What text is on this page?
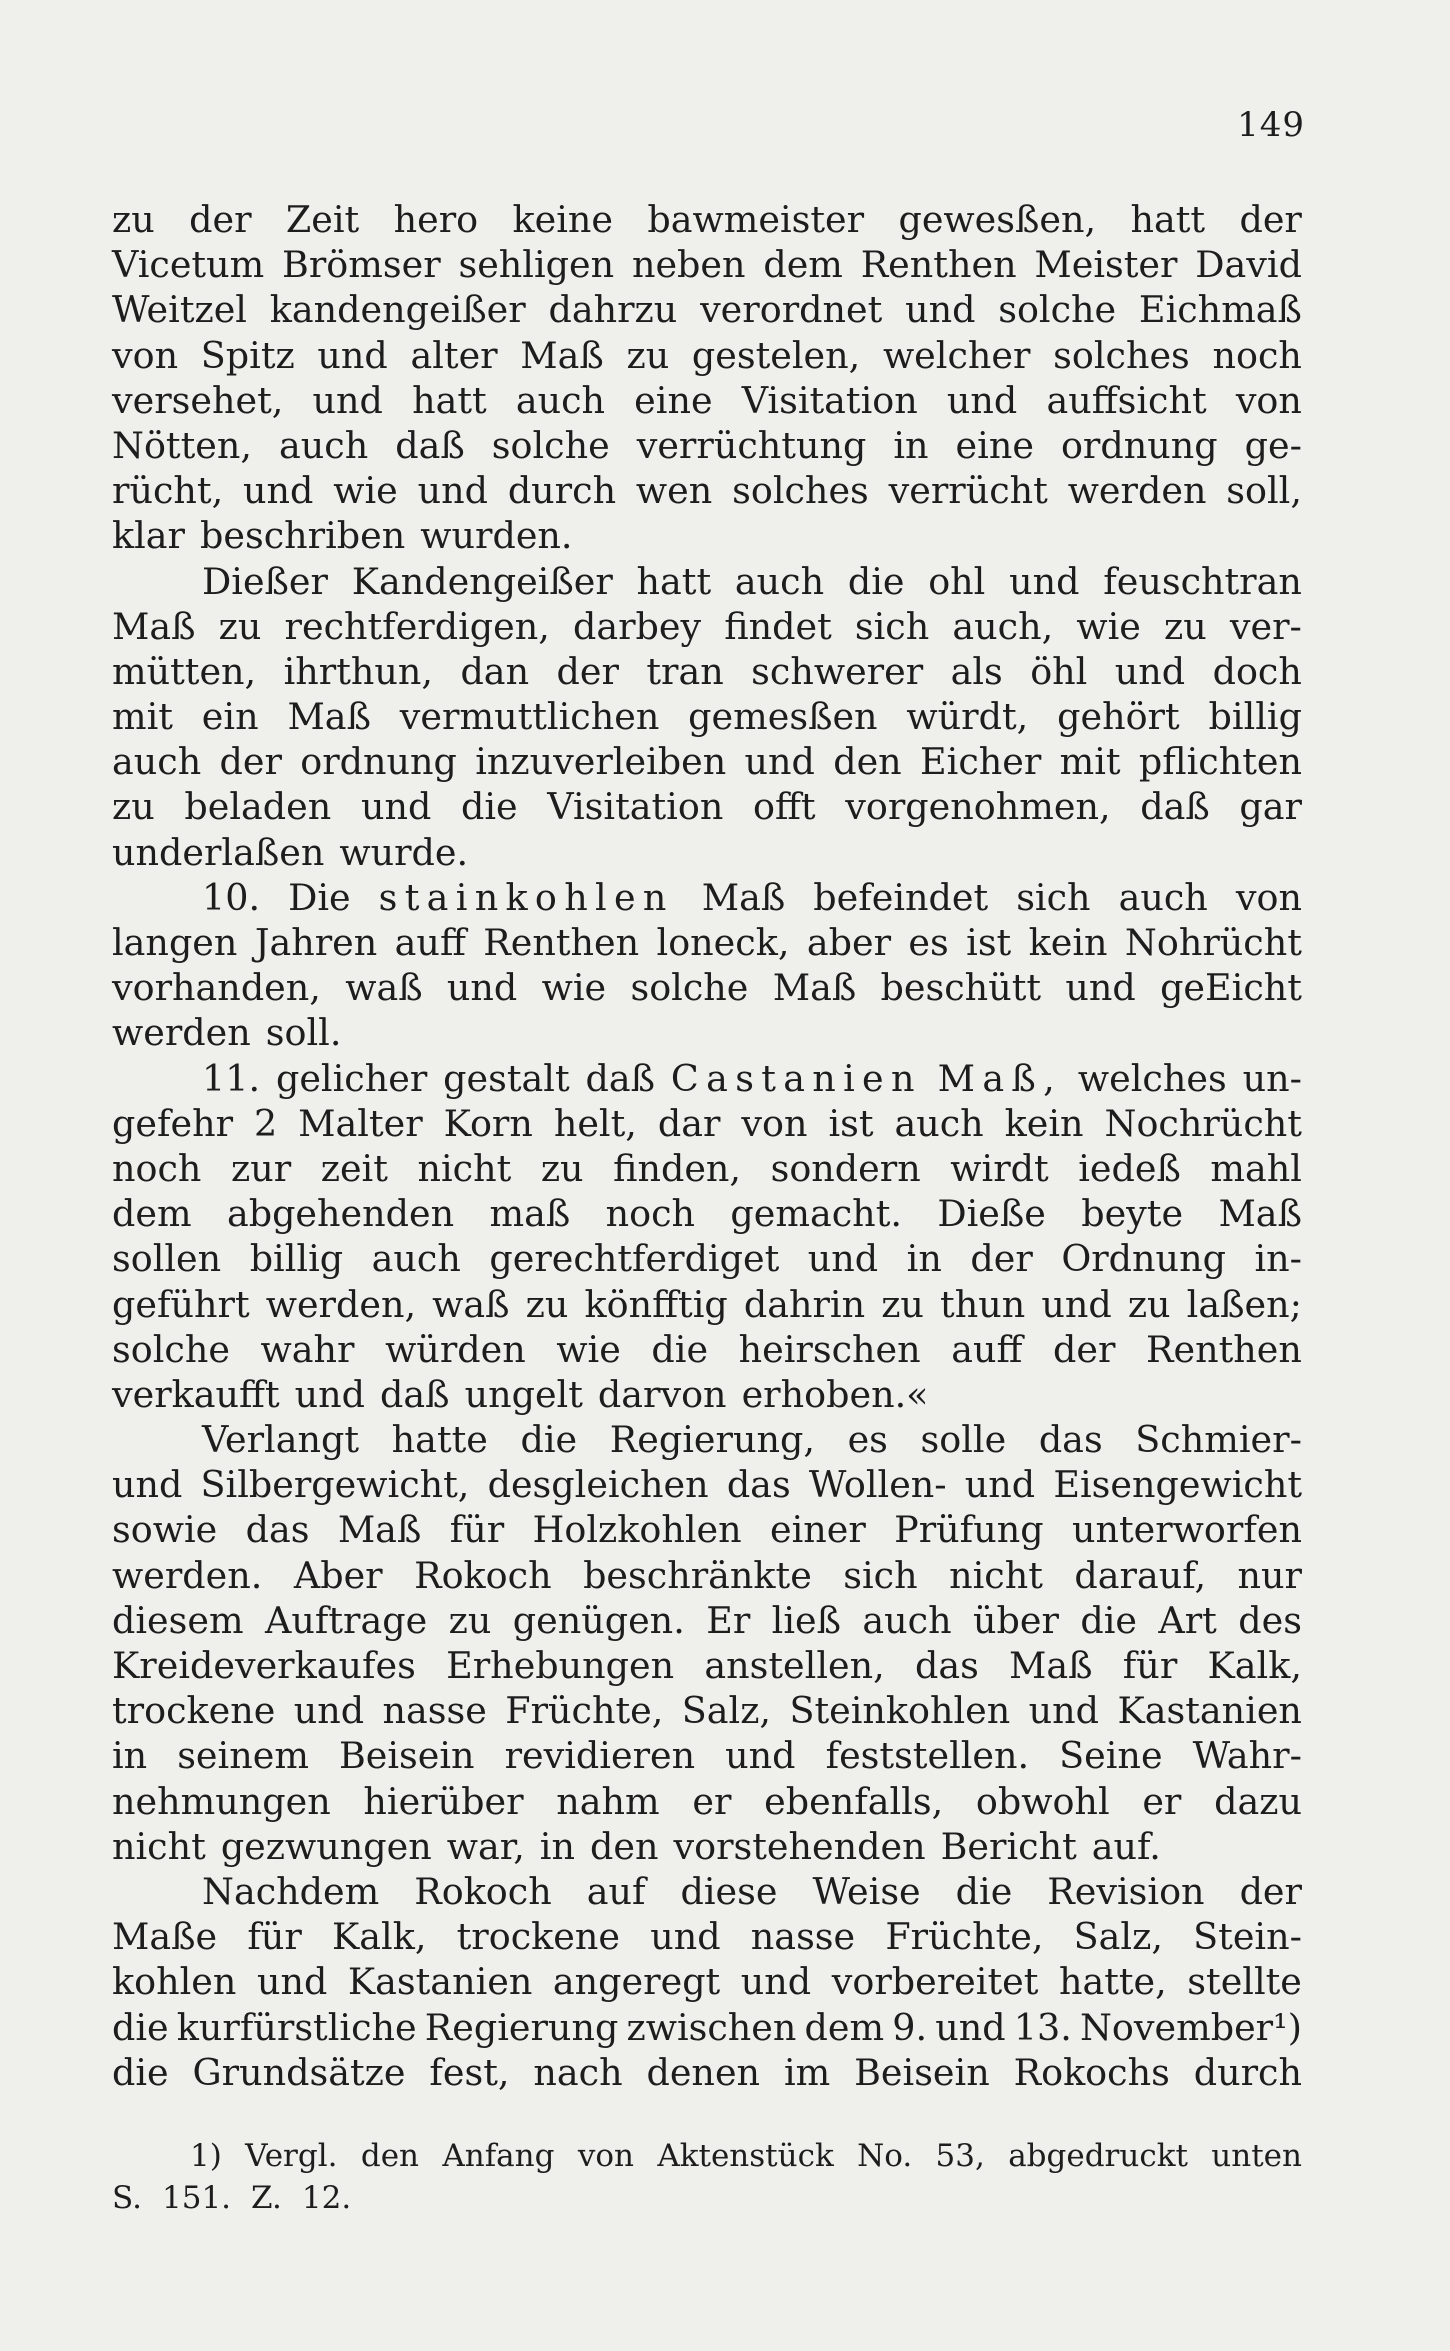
149
zu der Zeit hero keine bawmeister gewesßen, hatt der
Vicetum Brömser sehligen neben dem Renthen Meister David
Weitzel kandengeißer dahrzu verordnet und solche Eichmaß
von Spitz und alter Maß zu gestelen, welcher solches noch
versehet, und hatt auch eine Visitation und auffsicht von
Nötten, auch daß solche verrüchtung in eine ordnung ge-
rücht, und wie und durch wen solches verrücht werden soll,
klar beschriben wurden.
Dießer Kandengeißer hatt auch die ohl und feuschtran
Maß zu rechtferdigen, darbey findet sich auch, wie zu ver-
mütten, ihrthun, dan der tran schwerer als öhl und doch
mit ein Maß vermuttlichen gemesßen würdt, gehört billig
auch der ordnung inzuverleiben und den Eicher mit pflichten
zu beladen und die Visitation offt vorgenohmen, daß gar
underlaßen wurde.
10. Die stainkohlen Maß befeindet sich auch von
langen Jahren auff Renthen loneck, aber es ist kein Nohrücht
vorhanden, waß und wie solche Maß beschütt und geEicht
werden soll.
11. gelicher gestalt daß Castanien Maß, welches un-
gefehr 2 Malter Korn helt, dar von ist auch kein Nochrücht
noch zur zeit nicht zu finden, sondern wirdt iedeß mahl
dem abgehenden maß noch gemacht. Dieße beyte Maß
sollen billig auch gerechtferdiget und in der Ordnung in-
geführt werden, waß zu könfftig dahrin zu thun und zu laßen;
solche wahr würden wie die heirschen auff der Renthen
verkaufft und daß ungelt darvon erhoben.«
Verlangt hatte die Regierung, es solle das Schmier-
und Silbergewicht, desgleichen das Wollen- und Eisengewicht
sowie das Maß für Holzkohlen einer Prüfung unterworfen
werden. Aber Rokoch beschränkte sich nicht darauf, nur
diesem Auftrage zu genügen. Er ließ auch über die Art des
Kreideverkaufes Erhebungen anstellen, das Maß für Kalk,
trockene und nasse Früchte, Salz, Steinkohlen und Kastanien
in seinem Beisein revidieren und feststellen. Seine Wahr-
nehmungen hierüber nahm er ebenfalls, obwohl er dazu
nicht gezwungen war, in den vorstehenden Bericht auf.
Nachdem Rokoch auf diese Weise die Revision der
Maße für Kalk, trockene und nasse Früchte, Salz, Stein-
kohlen und Kastanien angeregt und vorbereitet hatte, stellte
die kurfürstliche Regierung zwischen dem 9. und 13. November¹)
die Grundsätze fest, nach denen im Beisein Rokochs durch
1) Vergl. den Anfang von Aktenstück No. 53, abgedruckt unten
S. 151. Z. 12.
